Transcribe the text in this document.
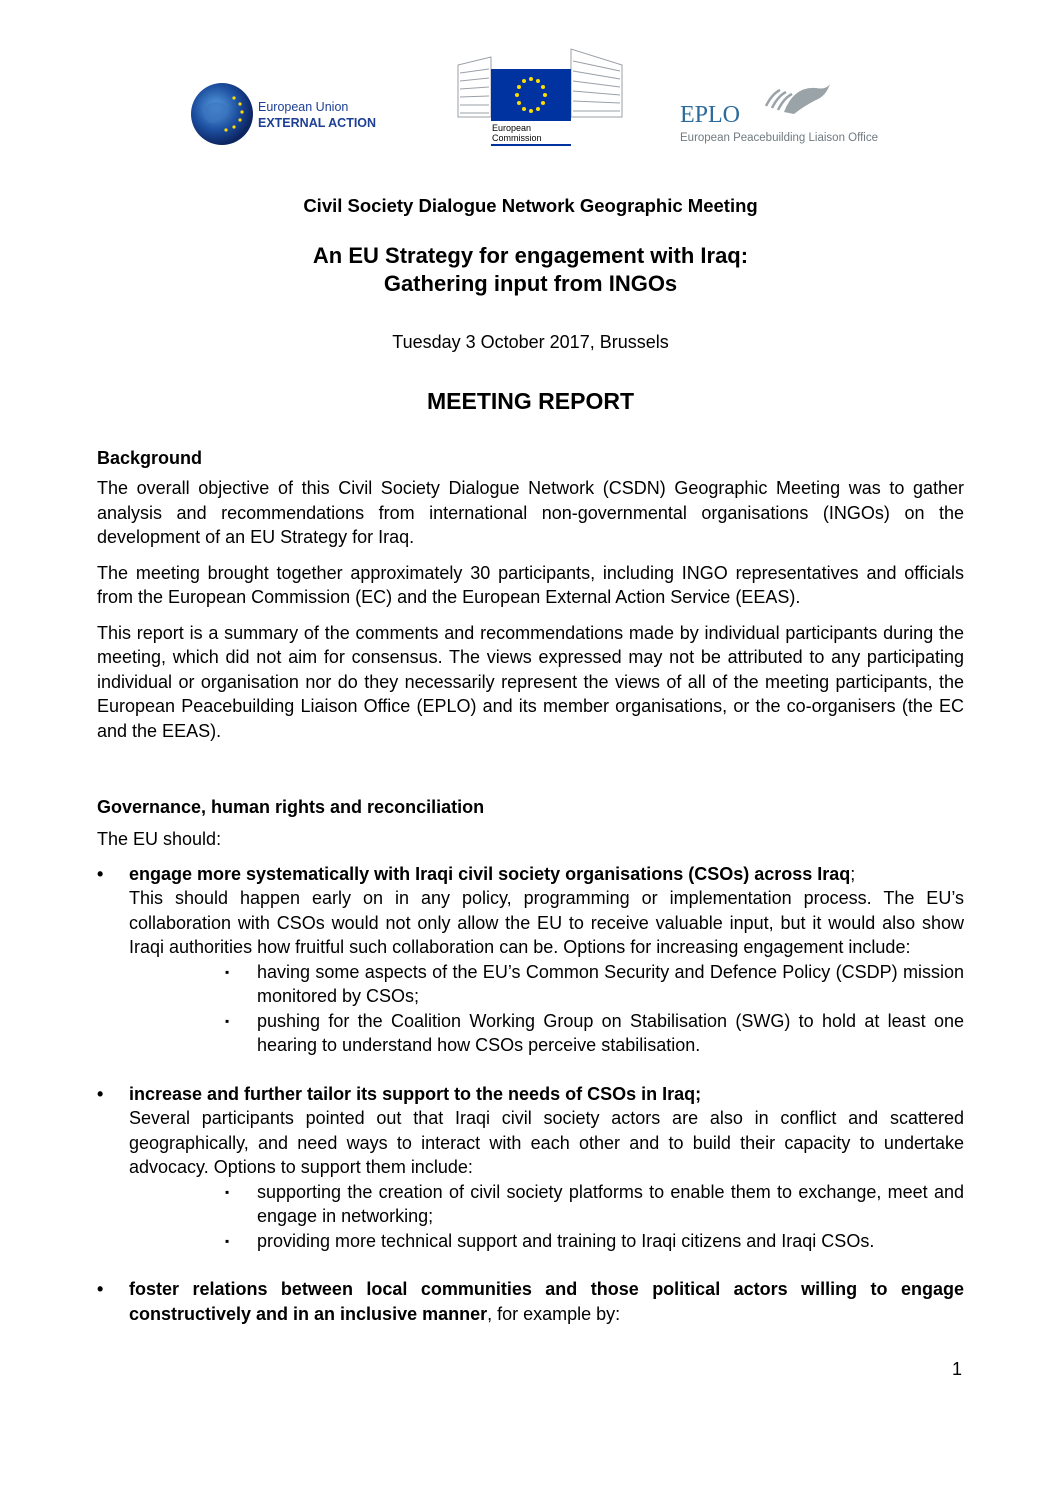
European Union
EXTERNAL ACTION	European
Commission
EPLO
European Peacebuilding Liaison Office
Civil Society Dialogue Network Geographic Meeting
An EU Strategy for engagement with Iraq:
Gathering input from INGOs
Tuesday 3 October 2017, Brussels
MEETING REPORT
Background

The overall objective of this Civil Society Dialogue Network (CSDN) Geographic Meeting was to gather analysis and recommendations from international non-governmental organisations (INGOs) on the development of an EU Strategy for Iraq.

The meeting brought together approximately 30 participants, including INGO representatives and officials from the European Commission (EC) and the European External Action Service (EEAS).

This report is a summary of the comments and recommendations made by individual participants during the meeting, which did not aim for consensus. The views expressed may not be attributed to any participating individual or organisation nor do they necessarily represent the views of all of the meeting participants, the European Peacebuilding Liaison Office (EPLO) and its member organisations, or the co-organisers (the EC and the EEAS).

Governance, human rights and reconciliation

The EU should:

• engage more systematically with Iraqi civil society organisations (CSOs) across Iraq;
This should happen early on in any policy, programming or implementation process. The EU’s collaboration with CSOs would not only allow the EU to receive valuable input, but it would also show Iraqi authorities how fruitful such collaboration can be. Options for increasing engagement include:
▪ having some aspects of the EU’s Common Security and Defence Policy (CSDP) mission monitored by CSOs;
▪ pushing for the Coalition Working Group on Stabilisation (SWG) to hold at least one hearing to understand how CSOs perceive stabilisation.
• increase and further tailor its support to the needs of CSOs in Iraq;
Several participants pointed out that Iraqi civil society actors are also in conflict and scattered geographically, and need ways to interact with each other and to build their capacity to undertake advocacy. Options to support them include:
▪ supporting the creation of civil society platforms to enable them to exchange, meet and engage in networking;
▪ providing more technical support and training to Iraqi citizens and Iraqi CSOs.
• foster relations between local communities and those political actors willing to engage constructively and in an inclusive manner, for example by:
1
